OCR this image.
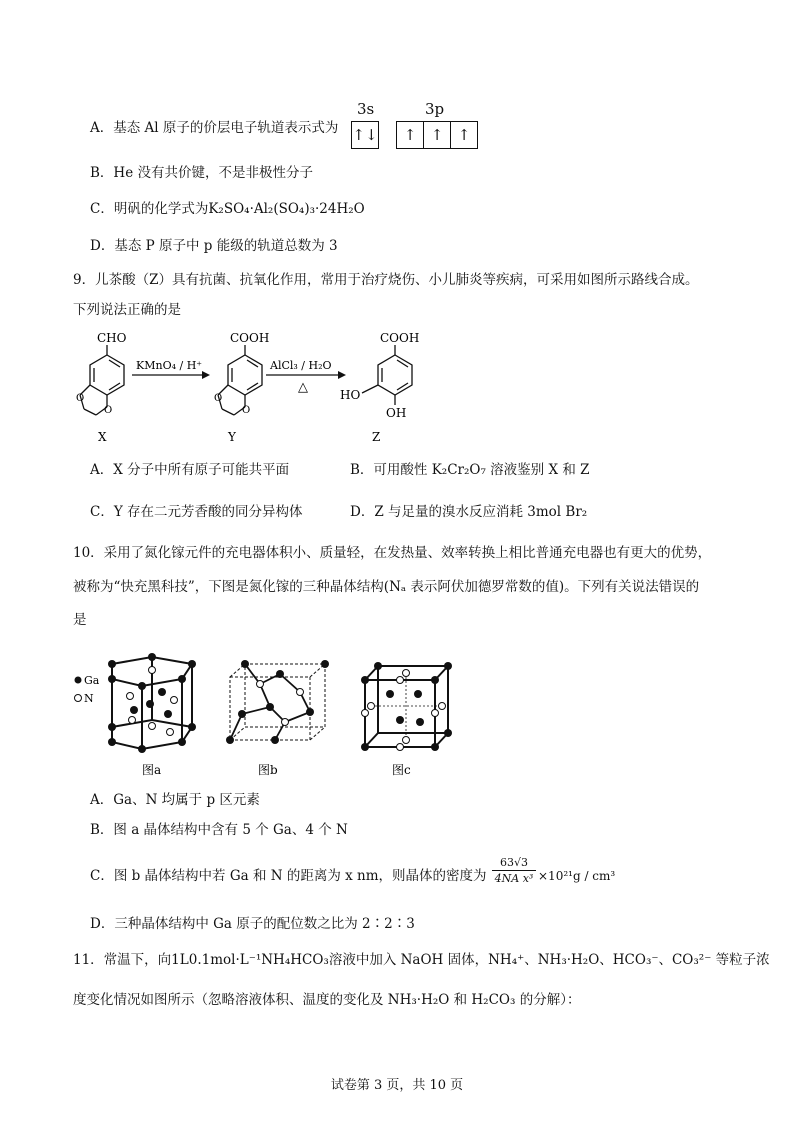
A．基态 Al 原子的价层电子轨道表示式为
3s	3p
↑↓	↑ ↑ ↑
B．He 没有共价键，不是非极性分子
C．明矾的化学式为K₂SO₄·Al₂(SO₄)₃·24H₂O
D．基态 P 原子中 p 能级的轨道总数为 3
9．儿茶酸（Z）具有抗菌、抗氧化作用，常用于治疗烧伤、小儿肺炎等疾病，可采用如图所示路线合成。
下列说法正确的是
CHO
O
O
X
KMnO₄ / H⁺
COOH
O
O
Y
AlCl₃ / H₂O
△
COOH
HO
OH
Z
A．X 分子中所有原子可能共平面	B．可用酸性 K₂Cr₂O₇ 溶液鉴别 X 和 Z
C．Y 存在二元芳香酸的同分异构体	D．Z 与足量的溴水反应消耗 3mol Br₂
10．采用了氮化镓元件的充电器体积小、质量轻，在发热量、效率转换上相比普通充电器也有更大的优势，
被称为“快充黑科技”，下图是氮化镓的三种晶体结构(Nₐ 表示阿伏加德罗常数的值)。下列有关说法错误的
是
Ga
N
图a	图b	图c
A．Ga、N 均属于 p 区元素
B．图 a 晶体结构中含有 5 个 Ga、4 个 N
C．图 b 晶体结构中若 Ga 和 N 的距离为 x nm，则晶体的密度为 $\frac{63√3}{\text{4NA x³}} \times 10^{21}g / cm^3$
D．三种晶体结构中 Ga 原子的配位数之比为 2∶2∶3
11．常温下，向1L0.1mol·L⁻¹NH₄HCO₃溶液中加入 NaOH 固体，NH₄⁺、NH₃·H₂O、HCO₃⁻、CO₃²⁻ 等粒子浓
度变化情况如图所示（忽略溶液体积、温度的变化及 NH₃·H₂O 和 H₂CO₃ 的分解）：
试卷第 3 页，共 10 页
